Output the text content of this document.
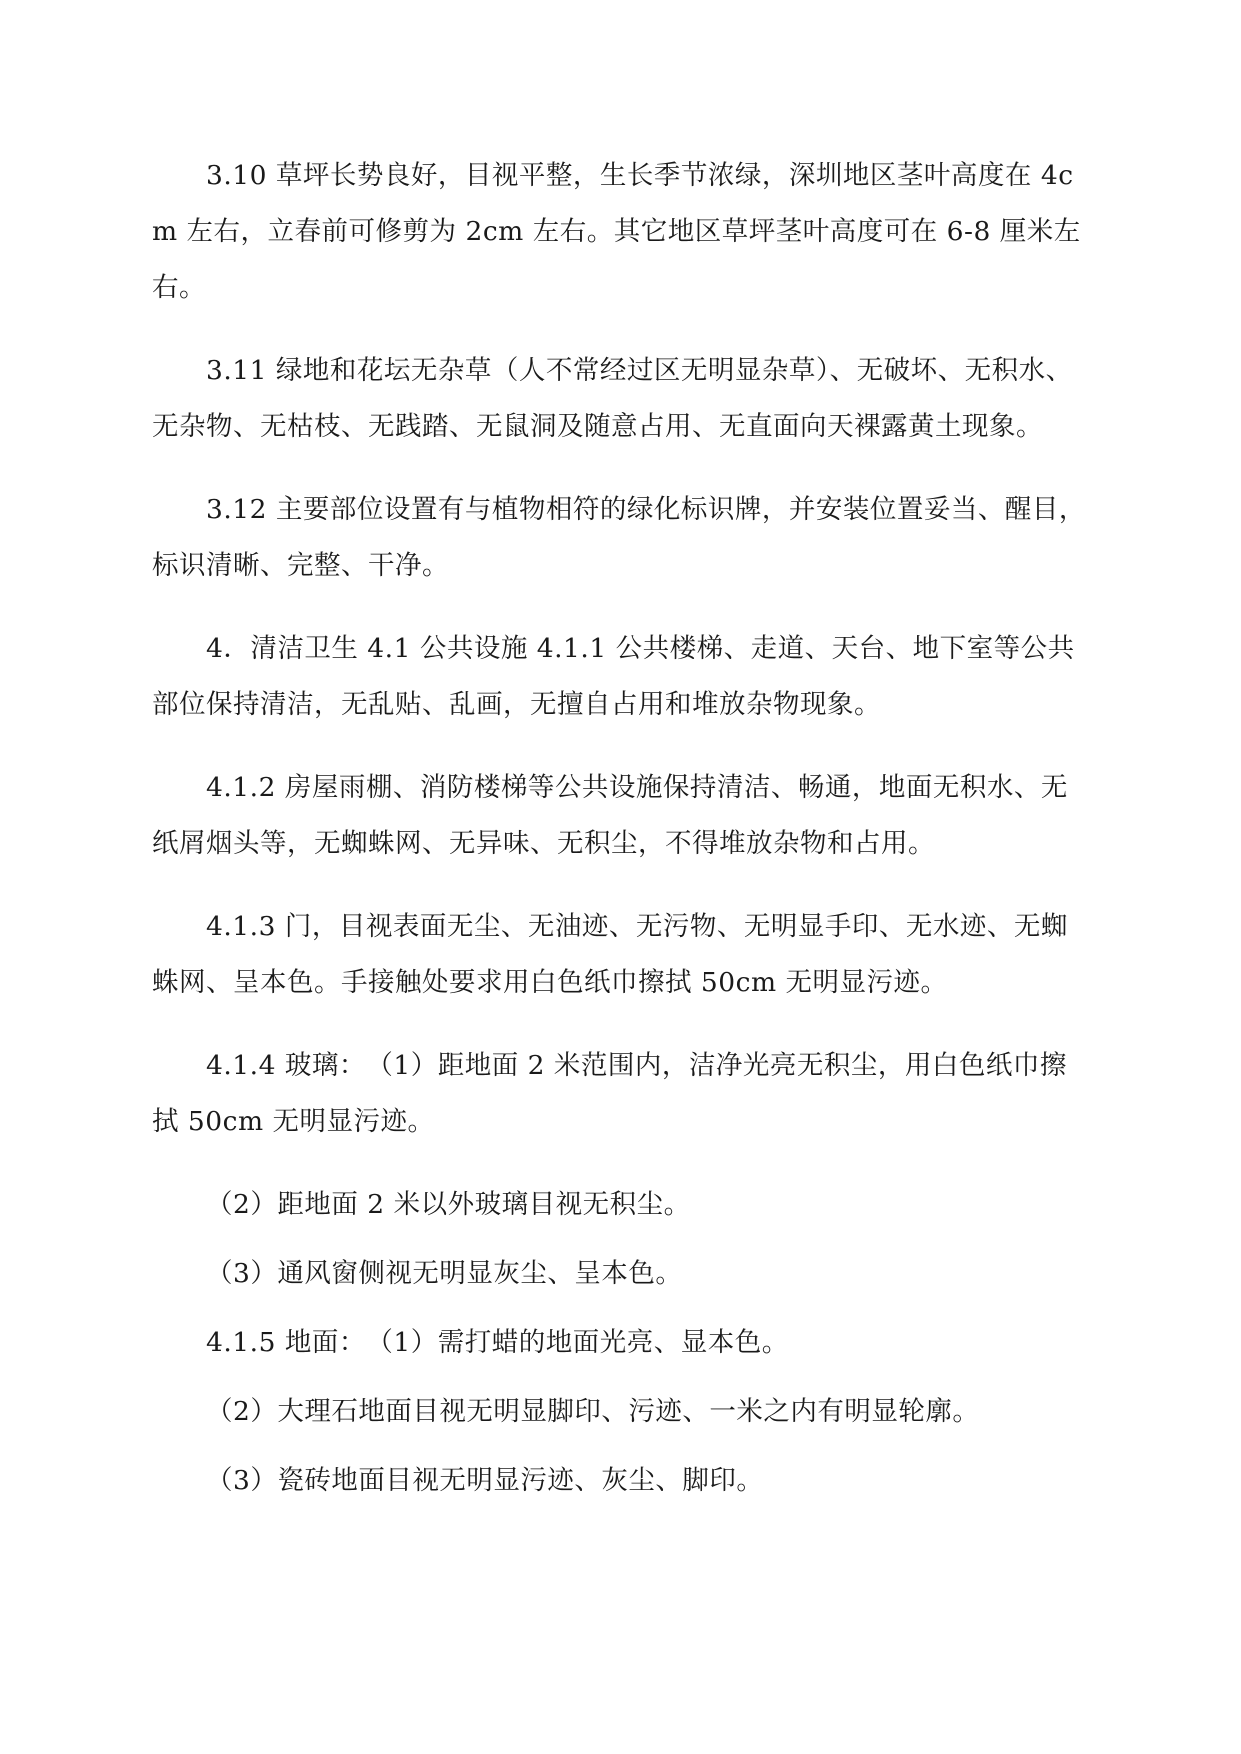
3.10 草坪长势良好，目视平整，生长季节浓绿，深圳地区茎叶高度在 4cm 左右，立春前可修剪为 2cm 左右。其它地区草坪茎叶高度可在 6-8 厘米左右。

3.11 绿地和花坛无杂草（人不常经过区无明显杂草）、无破坏、无积水、无杂物、无枯枝、无践踏、无鼠洞及随意占用、无直面向天裸露黄土现象。

3.12 主要部位设置有与植物相符的绿化标识牌，并安装位置妥当、醒目，标识清晰、完整、干净。

4．清洁卫生 4.1 公共设施 4.1.1 公共楼梯、走道、天台、地下室等公共部位保持清洁，无乱贴、乱画，无擅自占用和堆放杂物现象。

4.1.2 房屋雨棚、消防楼梯等公共设施保持清洁、畅通，地面无积水、无纸屑烟头等，无蜘蛛网、无异味、无积尘，不得堆放杂物和占用。

4.1.3 门，目视表面无尘、无油迹、无污物、无明显手印、无水迹、无蜘蛛网、呈本色。手接触处要求用白色纸巾擦拭 50cm 无明显污迹。

4.1.4 玻璃：　（1）距地面 2 米范围内，洁净光亮无积尘，用白色纸巾擦拭 50cm 无明显污迹。

（2）距地面 2 米以外玻璃目视无积尘。

（3）通风窗侧视无明显灰尘、呈本色。

4.1.5 地面：　（1）需打蜡的地面光亮、显本色。

（2）大理石地面目视无明显脚印、污迹、一米之内有明显轮廓。

（3）瓷砖地面目视无明显污迹、灰尘、脚印。
